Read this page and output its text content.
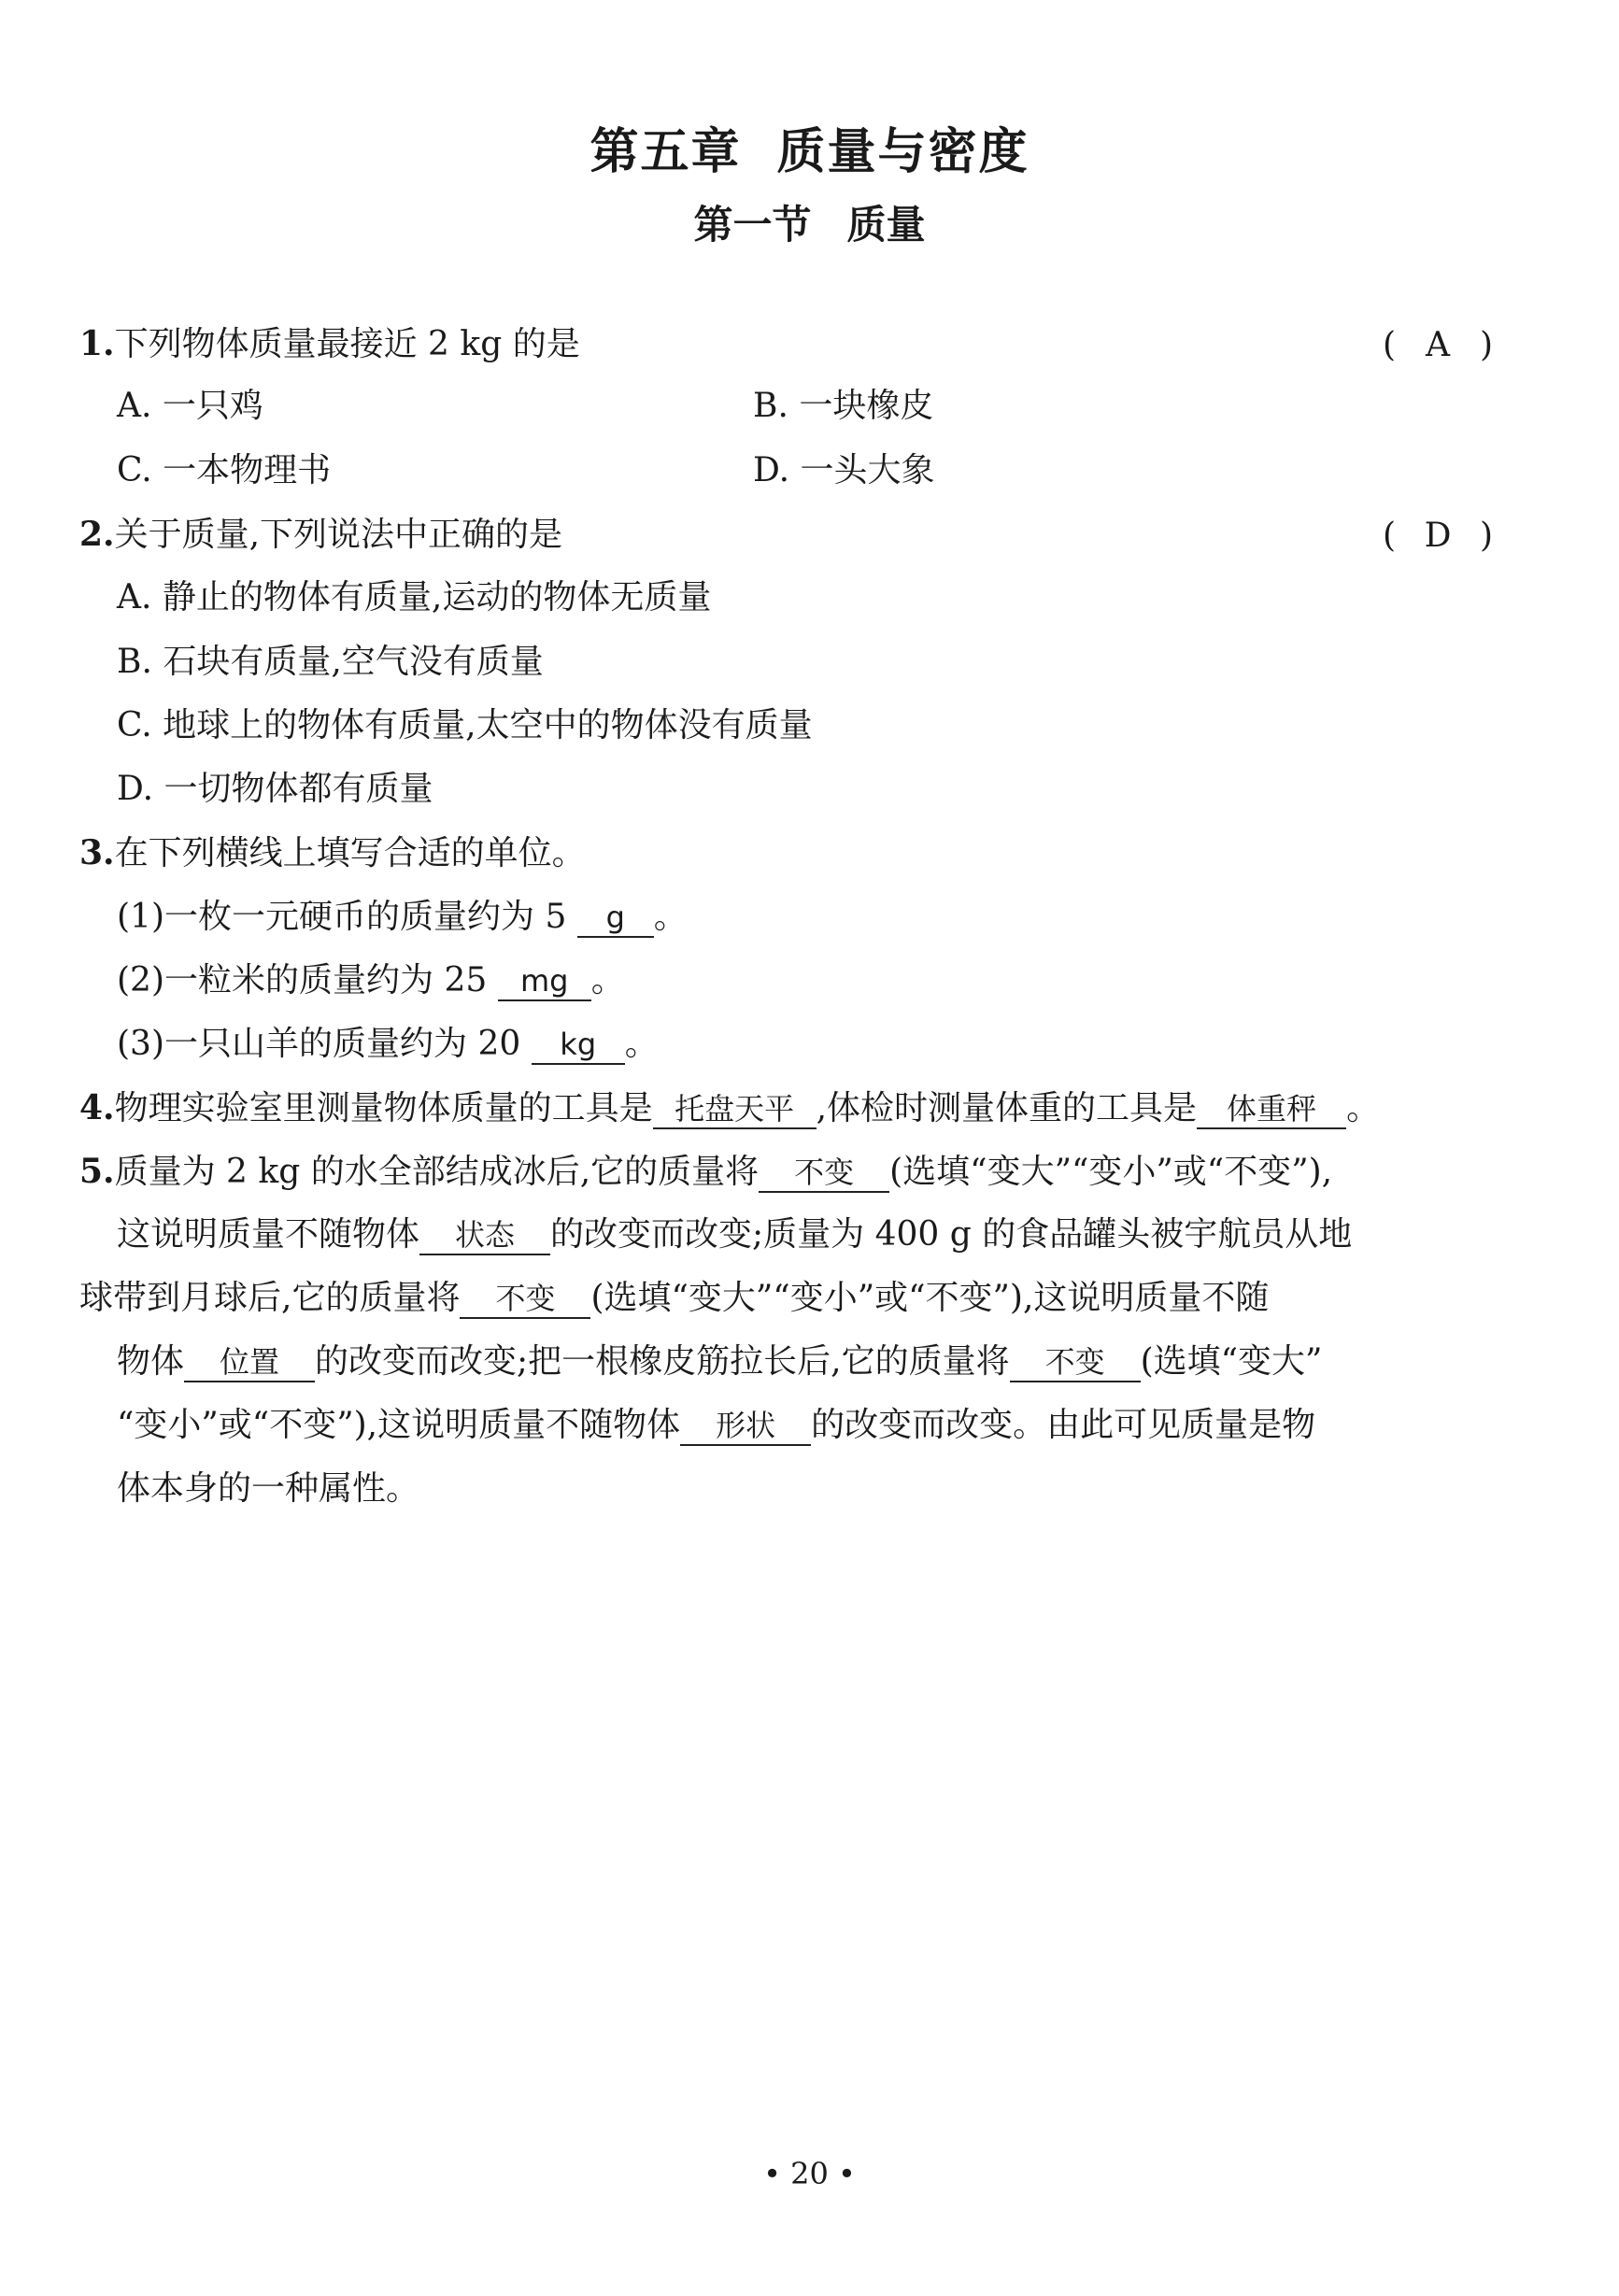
第五章 质量与密度
第一节 质量
1.下列物体质量最接近 2 kg 的是	( A )
A. 一只鸡	B. 一块橡皮
C. 一本物理书	D. 一头大象
2.关于质量,下列说法中正确的是	( D )
A. 静止的物体有质量,运动的物体无质量
B. 石块有质量,空气没有质量
C. 地球上的物体有质量,太空中的物体没有质量
D. 一切物体都有质量
3.在下列横线上填写合适的单位。
(1)一枚一元硬币的质量约为 5 g 。
(2)一粒米的质量约为 25 mg 。
(3)一只山羊的质量约为 20 kg 。
4.物理实验室里测量物体质量的工具是 托盘天平 ,体检时测量体重的工具是 体重秤 。
5.质量为 2 kg 的水全部结成冰后,它的质量将 不变 (选填“变大”“变小”或“不变”),
这说明质量不随物体 状态 的改变而改变;质量为 400 g 的食品罐头被宇航员从地
球带到月球后,它的质量将 不变 (选填“变大”“变小”或“不变”),这说明质量不随
物体 位置 的改变而改变;把一根橡皮筋拉长后,它的质量将 不变 (选填“变大”
“变小”或“不变”),这说明质量不随物体 形状 的改变而改变。由此可见质量是物
体本身的一种属性。
• 20 •
